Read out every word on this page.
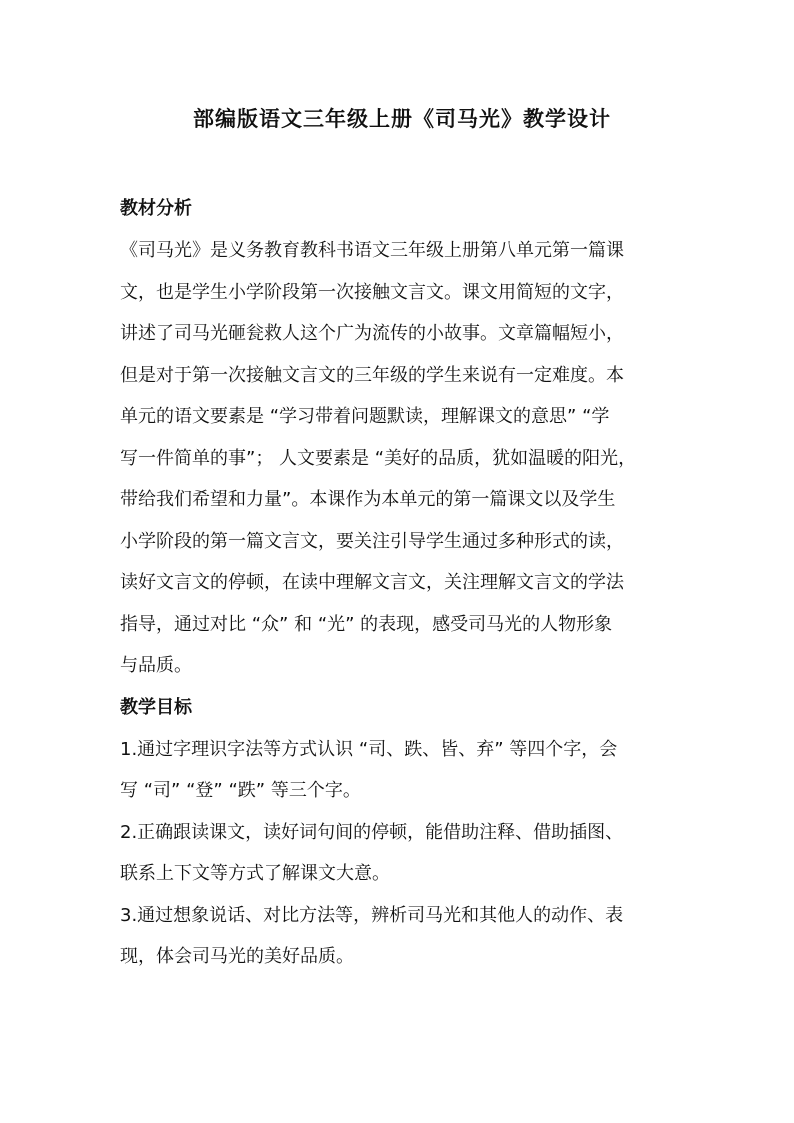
部编版语文三年级上册《司马光》教学设计
教材分析

《司马光》是义务教育教科书语文三年级上册第八单元第一篇课
文，也是学生小学阶段第一次接触文言文。课文用简短的文字，
讲述了司马光砸瓮救人这个广为流传的小故事。文章篇幅短小，
但是对于第一次接触文言文的三年级的学生来说有一定难度。本
单元的语文要素是 “学习带着问题默读，理解课文的意思” “学
写一件简单的事”； 人文要素是 “美好的品质，犹如温暖的阳光，
带给我们希望和力量”。本课作为本单元的第一篇课文以及学生
小学阶段的第一篇文言文，要关注引导学生通过多种形式的读，
读好文言文的停顿，在读中理解文言文，关注理解文言文的学法
指导，通过对比 “众” 和 “光” 的表现，感受司马光的人物形象
与品质。

教学目标

1.通过字理识字法等方式认识 “司、跌、皆、弃” 等四个字，会
写 “司” “登” “跌” 等三个字。

2.正确跟读课文，读好词句间的停顿，能借助注释、借助插图、
联系上下文等方式了解课文大意。

3.通过想象说话、对比方法等，辨析司马光和其他人的动作、表
现，体会司马光的美好品质。
